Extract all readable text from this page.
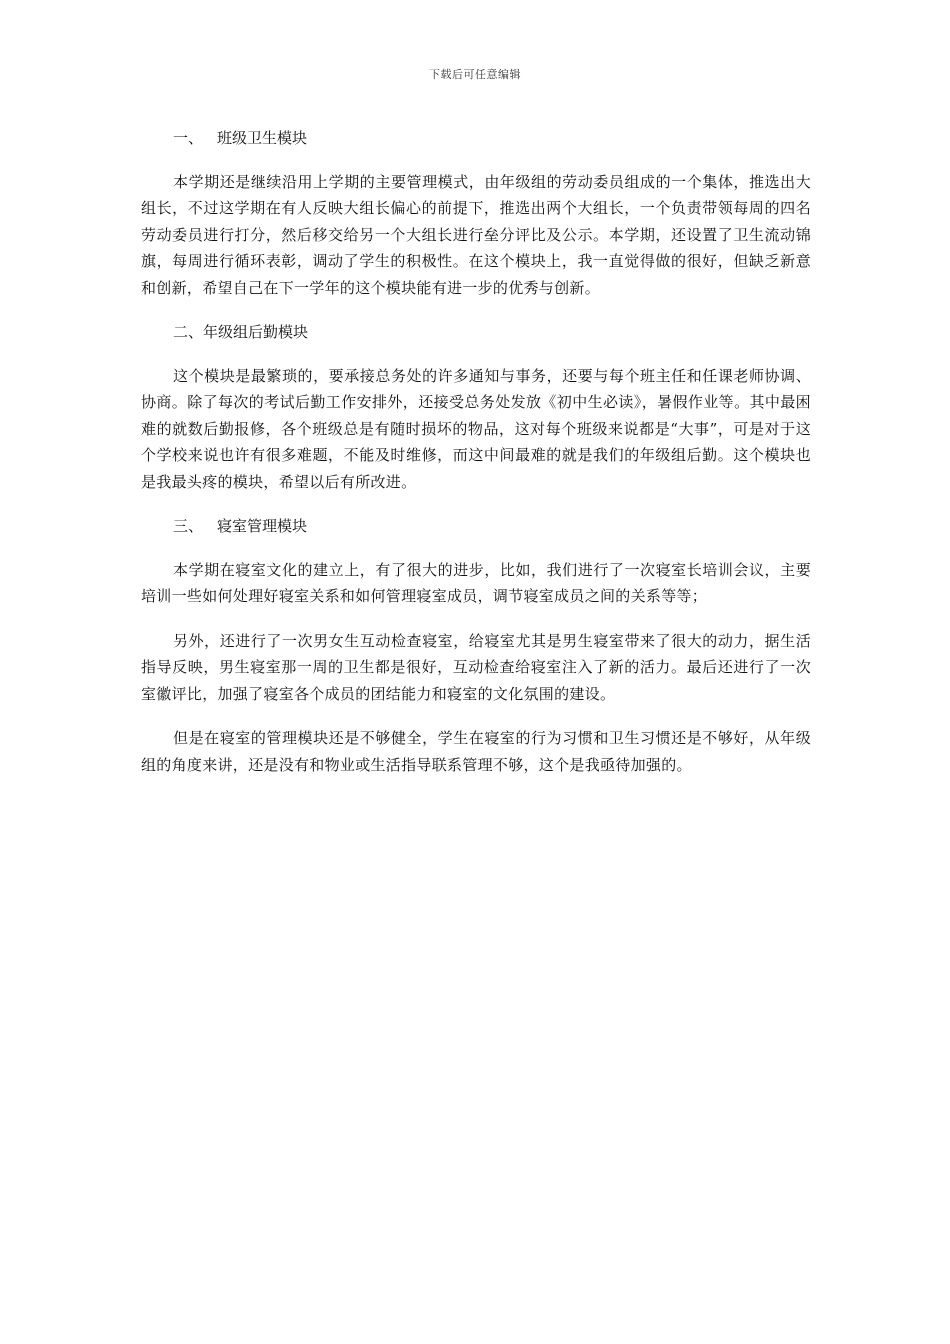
下载后可任意编辑
一、 班级卫生模块

本学期还是继续沿用上学期的主要管理模式，由年级组的劳动委员组成的一个集体，推选出大组长，不过这学期在有人反映大组长偏心的前提下，推选出两个大组长，一个负责带领每周的四名劳动委员进行打分，然后移交给另一个大组长进行垒分评比及公示。本学期，还设置了卫生流动锦旗，每周进行循环表彰，调动了学生的积极性。在这个模块上，我一直觉得做的很好，但缺乏新意和创新，希望自己在下一学年的这个模块能有进一步的优秀与创新。

二、年级组后勤模块

这个模块是最繁琐的，要承接总务处的许多通知与事务，还要与每个班主任和任课老师协调、协商。除了每次的考试后勤工作安排外，还接受总务处发放《初中生必读》，暑假作业等。其中最困难的就数后勤报修，各个班级总是有随时损坏的物品，这对每个班级来说都是“大事”，可是对于这个学校来说也许有很多难题，不能及时维修，而这中间最难的就是我们的年级组后勤。这个模块也是我最头疼的模块，希望以后有所改进。

三、 寝室管理模块

本学期在寝室文化的建立上，有了很大的进步，比如，我们进行了一次寝室长培训会议，主要培训一些如何处理好寝室关系和如何管理寝室成员，调节寝室成员之间的关系等等；

另外，还进行了一次男女生互动检查寝室，给寝室尤其是男生寝室带来了很大的动力，据生活指导反映，男生寝室那一周的卫生都是很好，互动检查给寝室注入了新的活力。最后还进行了一次室徽评比，加强了寝室各个成员的团结能力和寝室的文化氛围的建设。

但是在寝室的管理模块还是不够健全，学生在寝室的行为习惯和卫生习惯还是不够好，从年级组的角度来讲，还是没有和物业或生活指导联系管理不够，这个是我亟待加强的。
